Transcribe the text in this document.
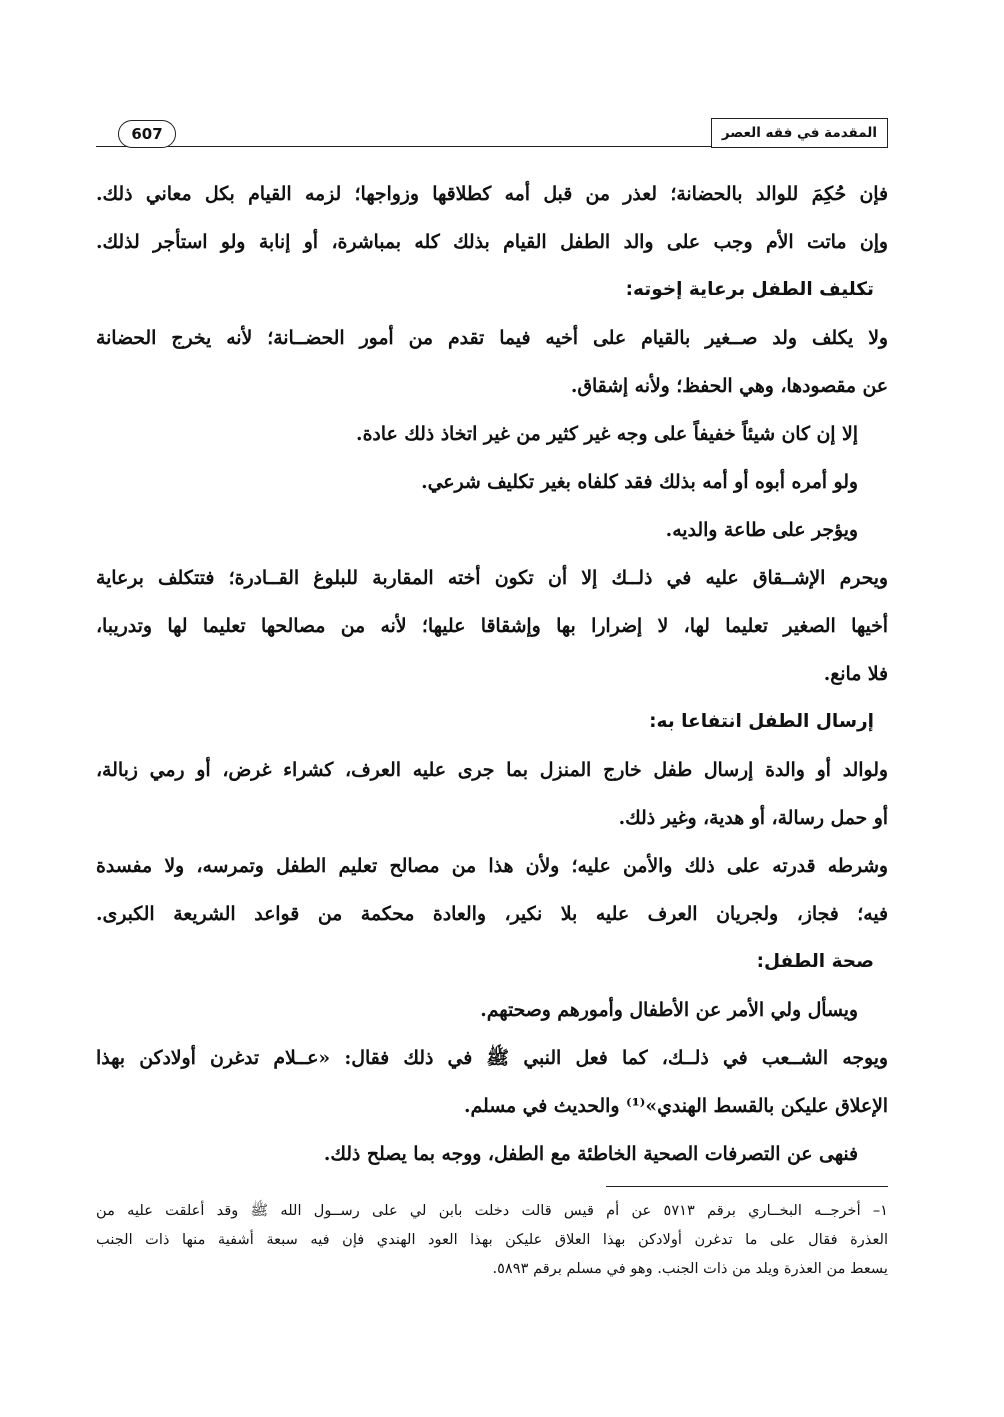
607	المقدمة في فقه العصر
فإن حُكِمَ للوالد بالحضانة؛ لعذر من قبل أمه كطلاقها وزواجها؛ لزمه القيام بكل معاني ذلك.
وإن ماتت الأم وجب على والد الطفل القيام بذلك كله بمباشرة، أو إنابة ولو استأجر لذلك.
تكليف الطفل برعاية إخوته:
ولا يكلف ولد صــغير بالقيام على أخيه فيما تقدم من أمور الحضــانة؛ لأنه يخرج الحضانة
عن مقصودها، وهي الحفظ؛ ولأنه إشقاق.
إلا إن كان شيئاً خفيفاً على وجه غير كثير من غير اتخاذ ذلك عادة.
ولو أمره أبوه أو أمه بذلك فقد كلفاه بغير تكليف شرعي.
ويؤجر على طاعة والديه.
ويحرم الإشــقاق عليه في ذلــك إلا أن تكون أخته المقاربة للبلوغ القــادرة؛ فتتكلف برعاية
أخيها الصغير تعليما لها، لا إضرارا بها وإشقاقا عليها؛ لأنه من مصالحها تعليما لها وتدريبا،
فلا مانع.
إرسال الطفل انتفاعا به:
ولوالد أو والدة إرسال طفل خارج المنزل بما جرى عليه العرف، كشراء غرض، أو رمي زبالة،
أو حمل رسالة، أو هدية، وغير ذلك.
وشرطه قدرته على ذلك والأمن عليه؛ ولأن هذا من مصالح تعليم الطفل وتمرسه، ولا مفسدة
فيه؛ فجاز، ولجريان العرف عليه بلا نكير، والعادة محكمة من قواعد الشريعة الكبرى.
صحة الطفل:
ويسأل ولي الأمر عن الأطفال وأمورهم وصحتهم.
ويوجه الشــعب في ذلــك، كما فعل النبي ﷺ في ذلك فقال: «عــلام تدغرن أولادكن بهذا
الإعلاق عليكن بالقسط الهندي»⁽¹⁾ والحديث في مسلم.
فنهى عن التصرفات الصحية الخاطئة مع الطفل، ووجه بما يصلح ذلك.
١– أخرجــه البخــاري برقم ٥٧١٣ عن أم قيس قالت دخلت بابن لي على رســول الله ﷺ وقد أعلقت عليه من
العذرة فقال على ما تدغرن أولادكن بهذا العلاق عليكن بهذا العود الهندي فإن فيه سبعة أشفية منها ذات الجنب
يسعط من العذرة ويلد من ذات الجنب. وهو في مسلم برقم ٥٨٩٣.
